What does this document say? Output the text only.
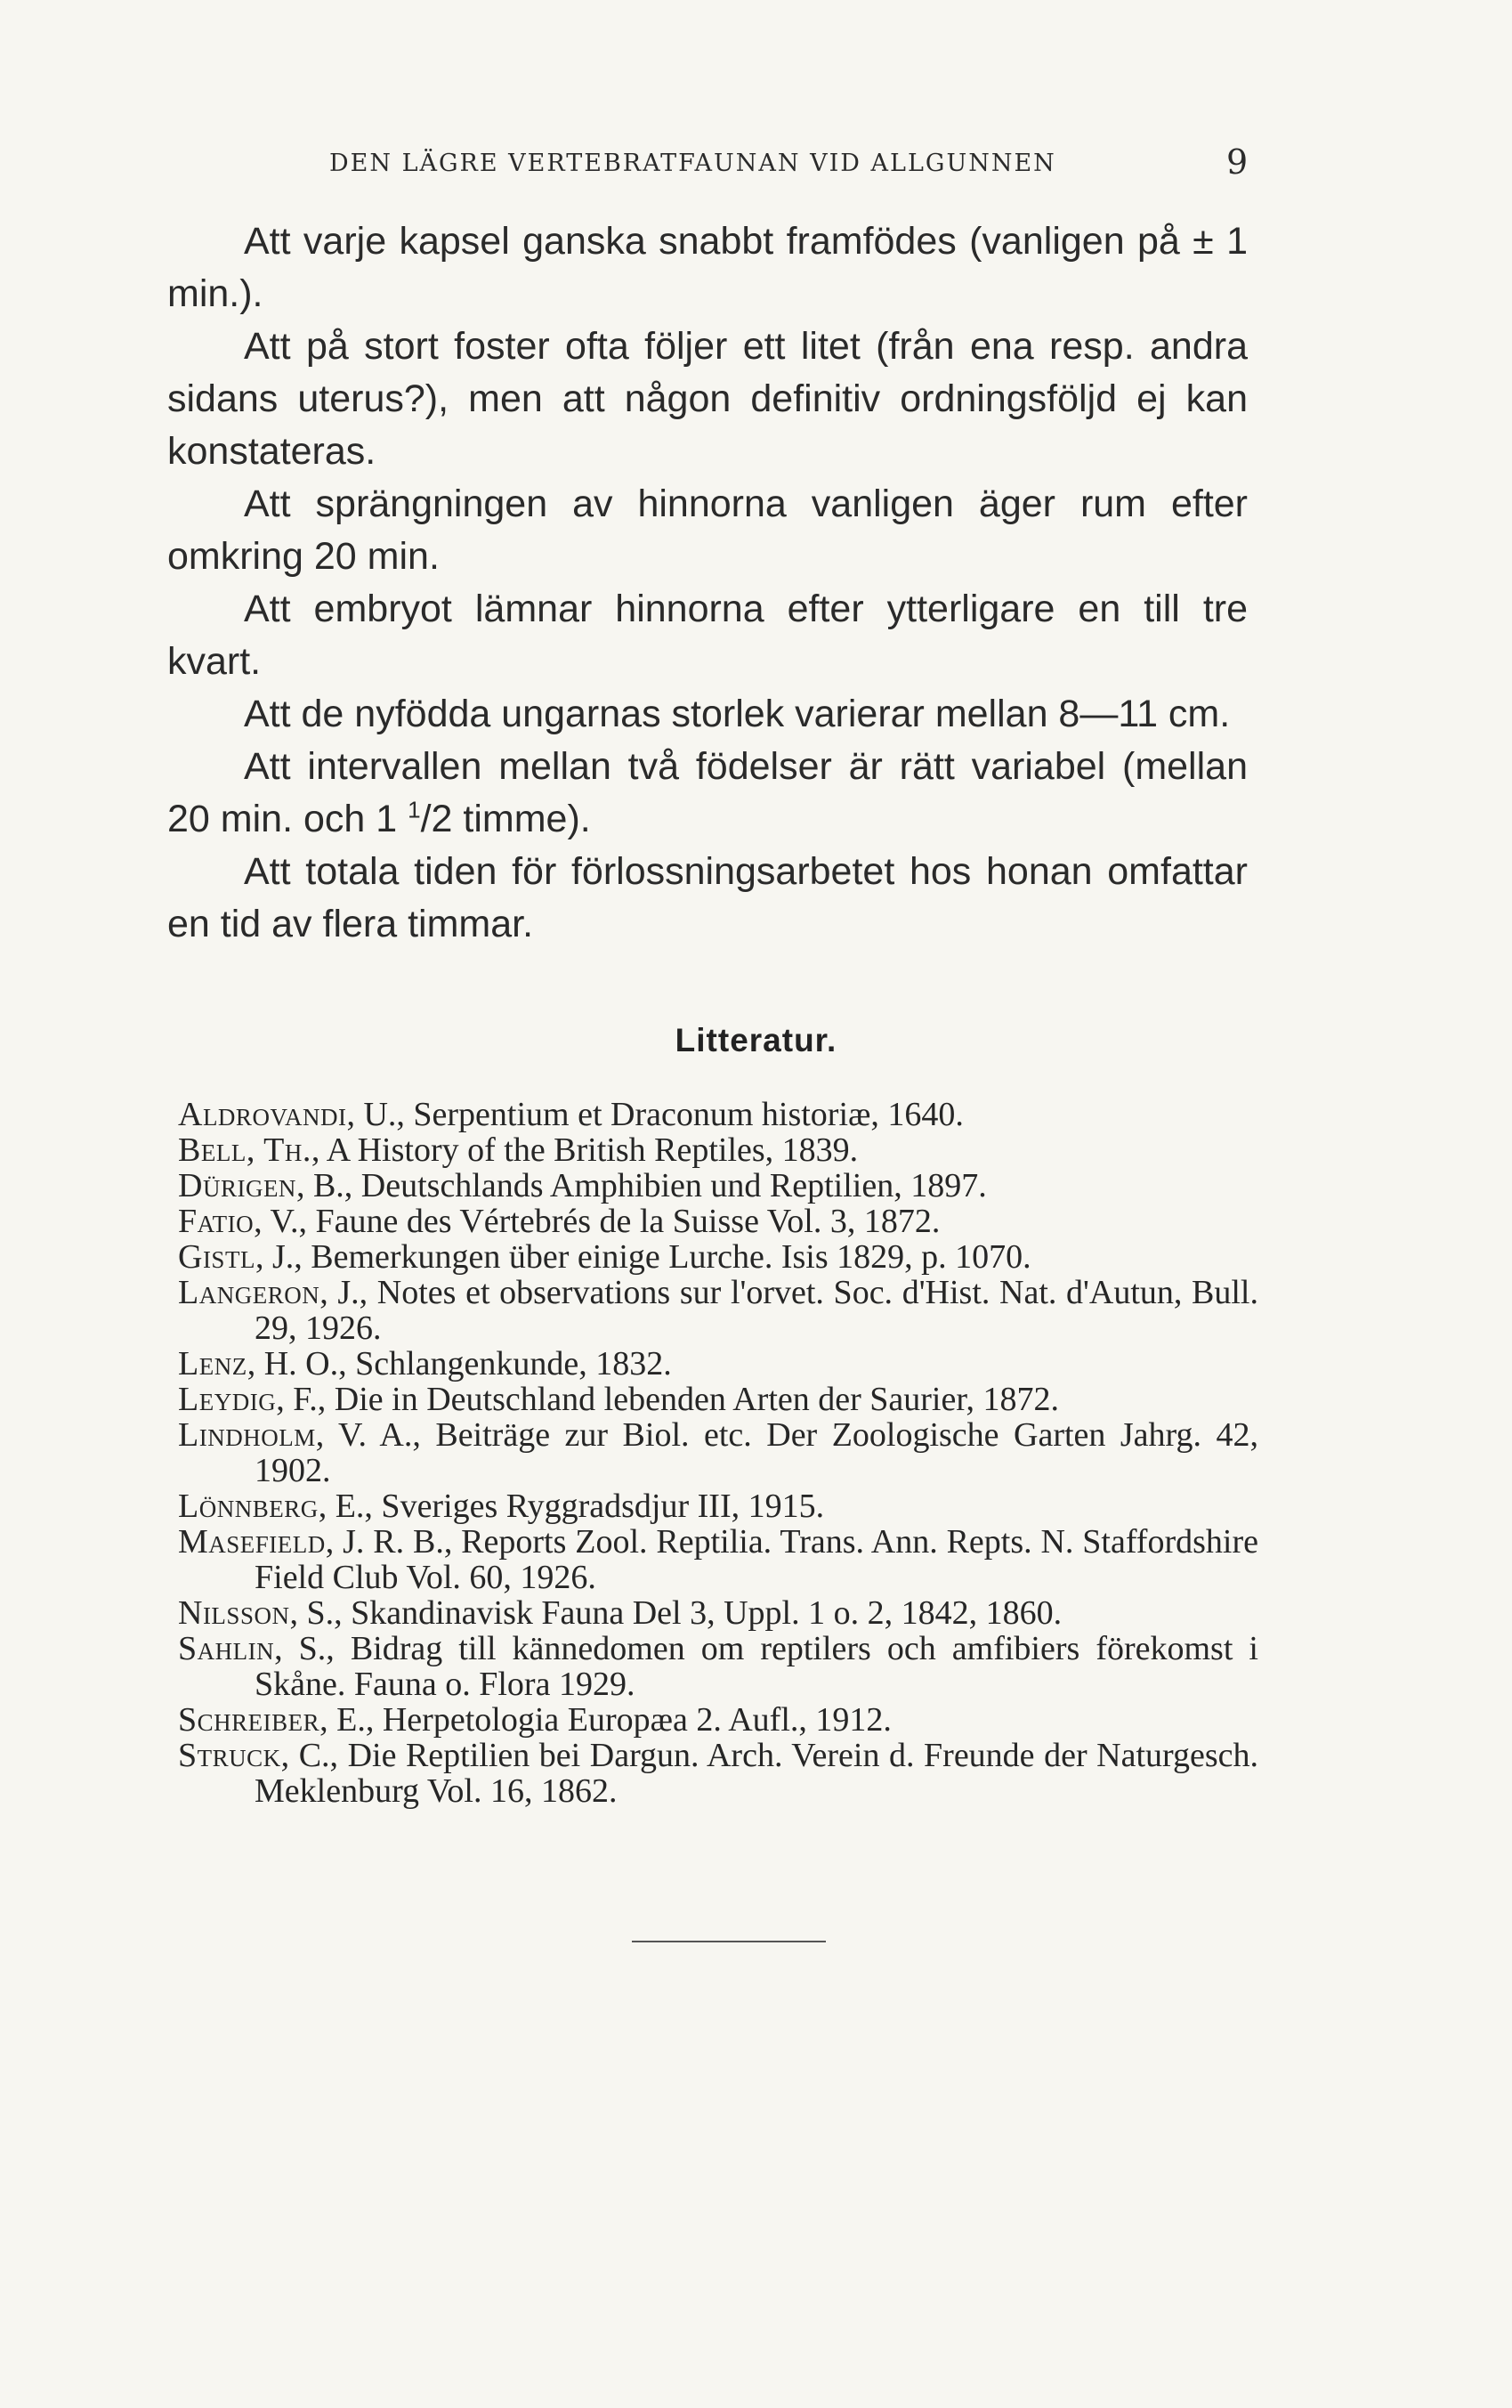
DEN LÄGRE VERTEBRATFAUNAN VID ALLGUNNEN	9

Att varje kapsel ganska snabbt framfödes (vanligen på ± 1 min.).

Att på stort foster ofta följer ett litet (från ena resp. andra sidans uterus?), men att någon definitiv ordningsföljd ej kan konstateras.

Att sprängningen av hinnorna vanligen äger rum efter omkring 20 min.

Att embryot lämnar hinnorna efter ytterligare en till tre kvart.

Att de nyfödda ungarnas storlek varierar mellan 8—11 cm.

Att intervallen mellan två födelser är rätt variabel (mellan 20 min. och 1 $^1$/2 timme).

Att totala tiden för förlossningsarbetet hos honan omfattar en tid av flera timmar.

Litteratur.

Aldrovandi, U., Serpentium et Draconum historiæ, 1640.

Bell, Th., A History of the British Reptiles, 1839.

Dürigen, B., Deutschlands Amphibien und Reptilien, 1897.

Fatio, V., Faune des Vértebrés de la Suisse Vol. 3, 1872.

Gistl, J., Bemerkungen über einige Lurche. Isis 1829, p. 1070.

Langeron, J., Notes et observations sur l'orvet. Soc. d'Hist. Nat. d'Autun, Bull. 29, 1926.

Lenz, H. O., Schlangenkunde, 1832.

Leydig, F., Die in Deutschland lebenden Arten der Saurier, 1872.

Lindholm, V. A., Beiträge zur Biol. etc. Der Zoologische Garten Jahrg. 42, 1902.

Lönnberg, E., Sveriges Ryggradsdjur III, 1915.

Masefield, J. R. B., Reports Zool. Reptilia. Trans. Ann. Repts. N. Staffordshire Field Club Vol. 60, 1926.

Nilsson, S., Skandinavisk Fauna Del 3, Uppl. 1 o. 2, 1842, 1860.

Sahlin, S., Bidrag till kännedomen om reptilers och amfibiers förekomst i Skåne. Fauna o. Flora 1929.

Schreiber, E., Herpetologia Europæa 2. Aufl., 1912.

Struck, C., Die Reptilien bei Dargun. Arch. Verein d. Freunde der Naturgesch. Meklenburg Vol. 16, 1862.
